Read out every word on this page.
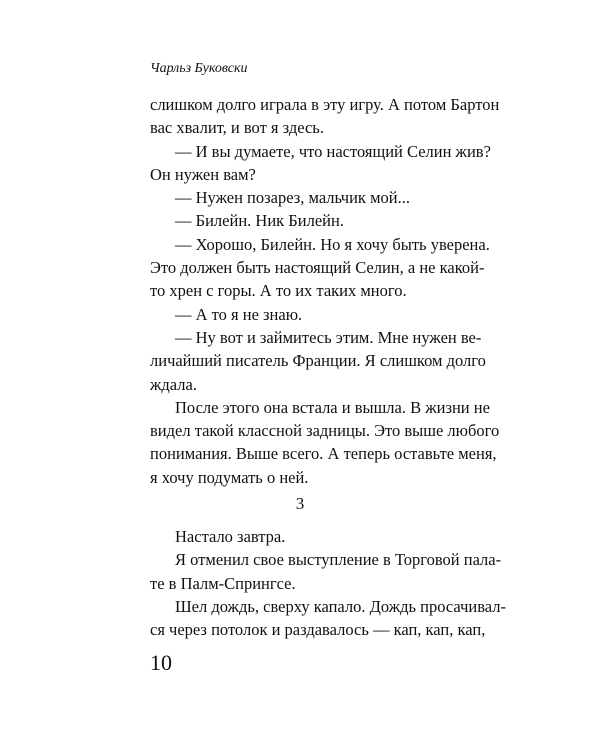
Чарльз Буковски
слишком долго играла в эту игру. А потом Бартон
вас хвалит, и вот я здесь.
— И вы думаете, что настоящий Селин жив?
Он нужен вам?
— Нужен позарез, мальчик мой...
— Билейн. Ник Билейн.
— Хорошо, Билейн. Но я хочу быть уверена.
Это должен быть настоящий Селин, а не какой-
то хрен с горы. А то их таких много.
— А то я не знаю.
— Ну вот и займитесь этим. Мне нужен ве-
личайший писатель Франции. Я слишком долго
ждала.
После этого она встала и вышла. В жизни не
видел такой классной задницы. Это выше любого
понимания. Выше всего. А теперь оставьте меня,
я хочу подумать о ней.
3
Настало завтра.
Я отменил свое выступление в Торговой пала-
те в Палм-Спрингсе.
Шел дождь, сверху капало. Дождь просачивал-
ся через потолок и раздавалось — кап, кап, кап,
10
